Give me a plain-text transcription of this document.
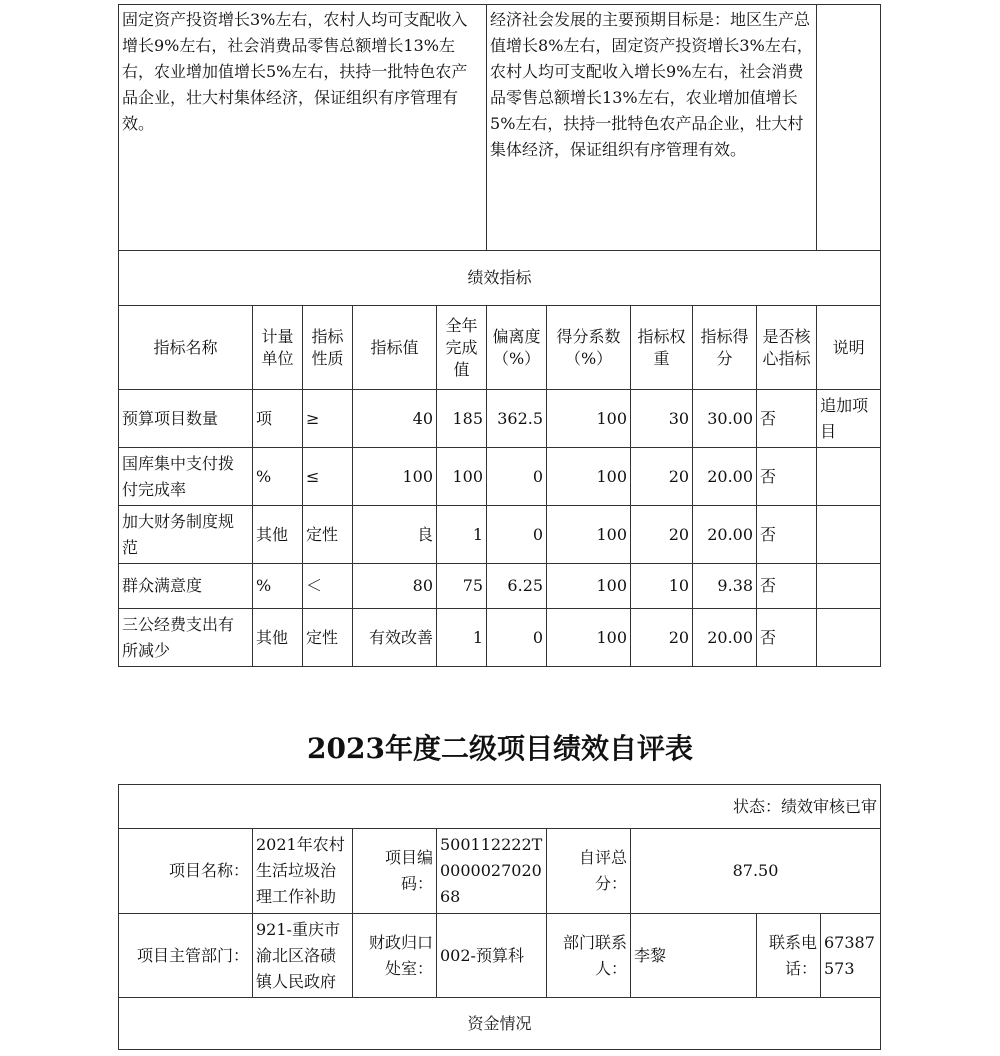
固定资产投资增长3%左右，农村人均可支配收入增长9%左右，社会消费品零售总额增长13%左右，农业增加值增长5%左右，扶持一批特色农产品企业，壮大村集体经济，保证组织有序管理有效。					经济社会发展的主要预期目标是：地区生产总值增长8%左右，固定资产投资增长3%左右，农村人均可支配收入增长9%左右，社会消费品零售总额增长13%左右，农业增加值增长5%左右，扶持一批特色农产品企业，壮大村集体经济，保证组织有序管理有效。					
绩效指标										
指标名称	计量单位	指标性质	指标值	全年完成值	偏离度（%）	得分系数（%）	指标权重	指标得分	是否核心指标	说明
预算项目数量	项	≥	40	185	362.5	100	30	30.00	否	追加项目
国库集中支付拨付完成率	%	≤	100	100	0	100	20	20.00	否	
加大财务制度规范	其他	定性	良	1	0	100	20	20.00	否	
群众满意度	%	＜	80	75	6.25	100	10	9.38	否	
三公经费支出有所减少	其他	定性	有效改善	1	0	100	20	20.00	否	
2023年度二级项目绩效自评表
状态：绩效审核已审							
项目名称：	2021年农村生活垃圾治理工作补助	项目编码：	500112222T000002702068	自评总分：	87.50		
项目主管部门：	921-重庆市渝北区洛碛镇人民政府	财政归口处室：	002-预算科	部门联系人：	李黎	联系电话：	67387573
资金情况							
